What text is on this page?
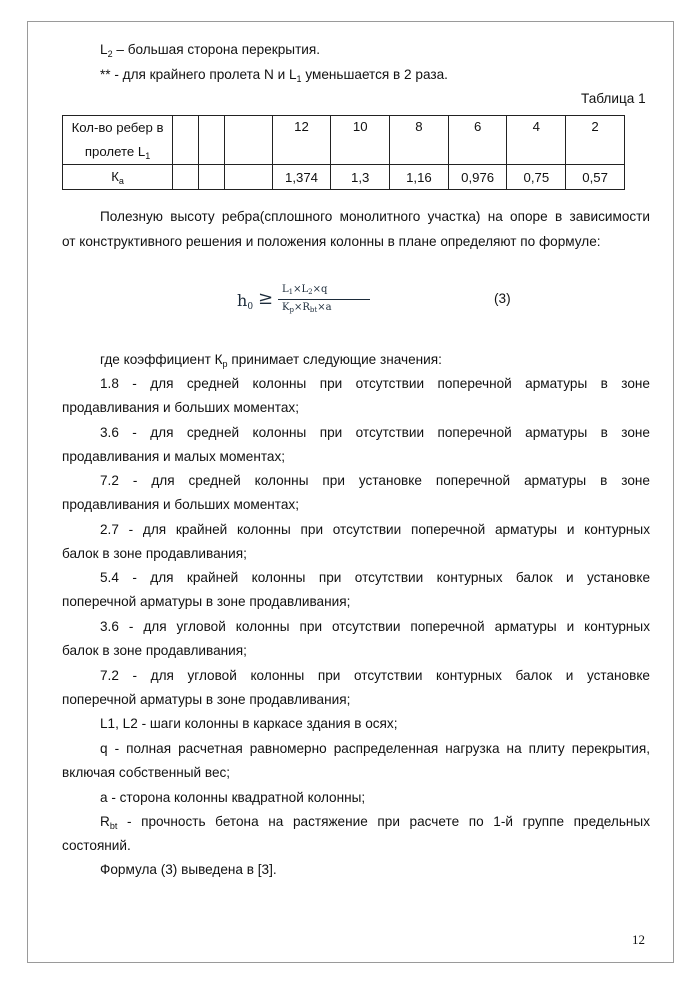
$L_2$ – большая сторона перекрытия.
** - для крайнего пролета N и $L_1$ уменьшается в 2 раза.
Таблица 1
Кол-во ребер в пролете $L_1$				12	10	8	6	4	2
$К_а$				1,374	1,3	1,16	0,976	0,75	0,57
Полезную высоту ребра(сплошного монолитного участка) на опоре в зависимости
от конструктивного решения и положения колонны в плане определяют по формуле:
$h_0 \ge L_1\times L_2\times q$
$K_p\times R_{bt}\times a$
(3)
где коэффициент $К_р$ принимает следующие значения:
1.8 - для средней колонны при отсутствии поперечной арматуры в зоне
продавливания и больших моментах;
3.6 - для средней колонны при отсутствии поперечной арматуры в зоне
продавливания и малых моментах;
7.2 - для средней колонны при установке поперечной арматуры в зоне
продавливания и больших моментах;
2.7 - для крайней колонны при отсутствии поперечной арматуры и контурных
балок в зоне продавливания;
5.4 - для крайней колонны при отсутствии контурных балок и установке
поперечной арматуры в зоне продавливания;
3.6 - для угловой колонны при отсутствии поперечной арматуры и контурных
балок в зоне продавливания;
7.2 - для угловой колонны при отсутствии контурных балок и установке
поперечной арматуры в зоне продавливания;
L1, L2 - шаги колонны в каркасе здания в осях;
q - полная расчетная равномерно распределенная нагрузка на плиту перекрытия,
включая собственный вес;
а - сторона колонны квадратной колонны;
$R_{bt}$ - прочность бетона на растяжение при расчете по 1-й группе предельных
состояний.
Формула (3) выведена в [3].
12
